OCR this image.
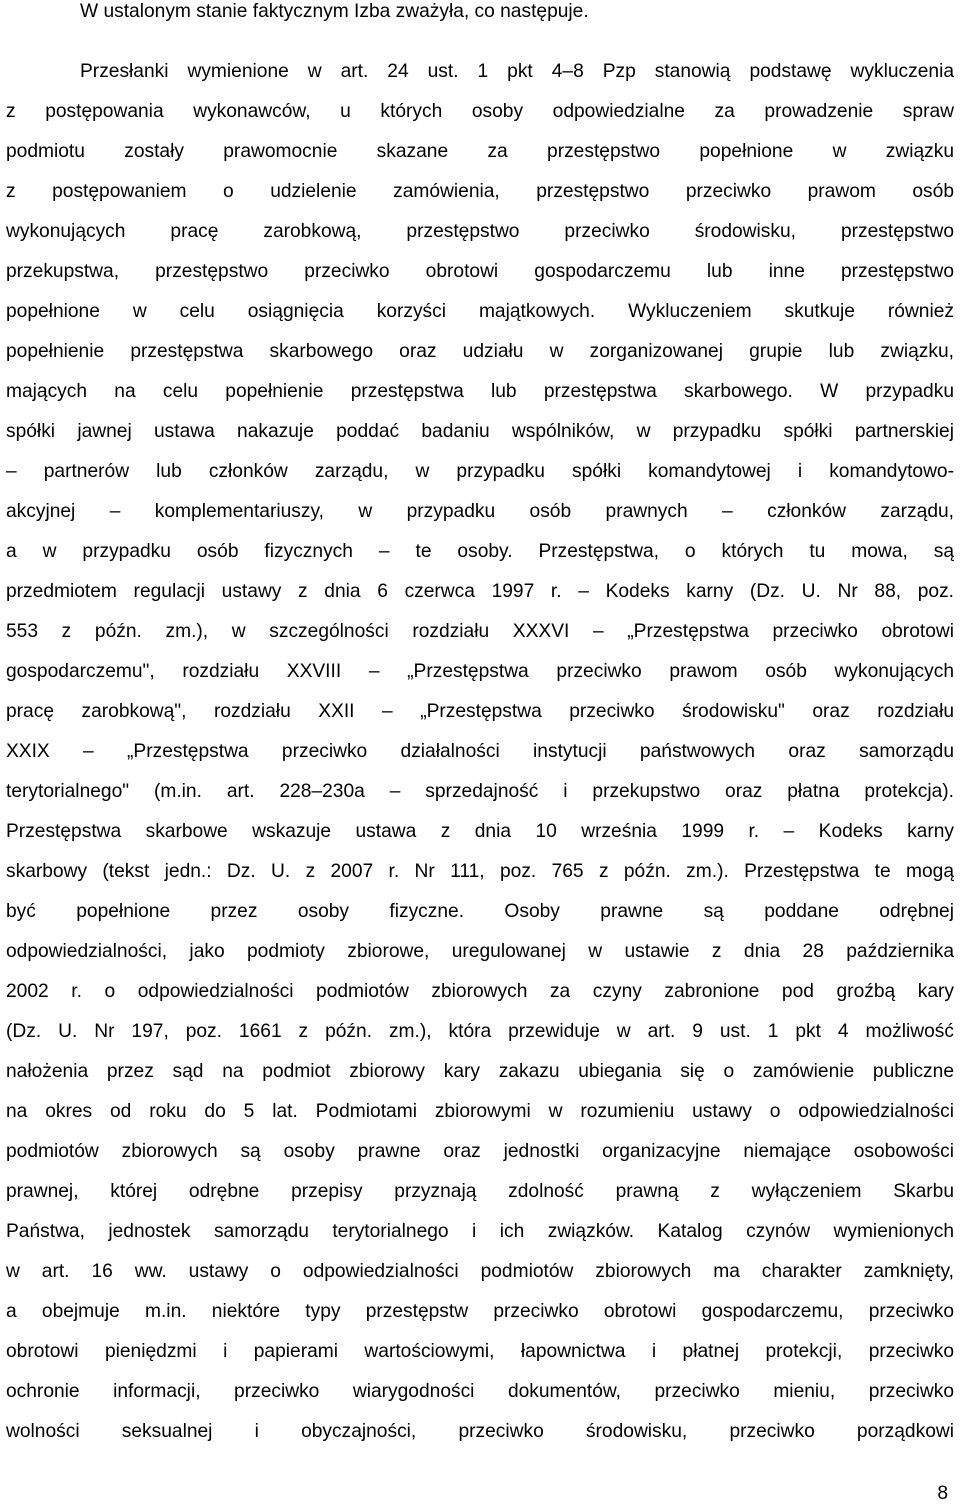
W ustalonym stanie faktycznym Izba zważyła, co następuje.
Przesłanki wymienione w art. 24 ust. 1 pkt 4–8 Pzp stanowią podstawę wykluczenia
z postępowania wykonawców, u których osoby odpowiedzialne za prowadzenie spraw
podmiotu zostały prawomocnie skazane za przestępstwo popełnione w związku
z postępowaniem o udzielenie zamówienia, przestępstwo przeciwko prawom osób
wykonujących pracę zarobkową, przestępstwo przeciwko środowisku, przestępstwo
przekupstwa, przestępstwo przeciwko obrotowi gospodarczemu lub inne przestępstwo
popełnione w celu osiągnięcia korzyści majątkowych. Wykluczeniem skutkuje również
popełnienie przestępstwa skarbowego oraz udziału w zorganizowanej grupie lub związku,
mających na celu popełnienie przestępstwa lub przestępstwa skarbowego. W przypadku
spółki jawnej ustawa nakazuje poddać badaniu wspólników, w przypadku spółki partnerskiej
– partnerów lub członków zarządu, w przypadku spółki komandytowej i komandytowo-
akcyjnej – komplementariuszy, w przypadku osób prawnych – członków zarządu,
a w przypadku osób fizycznych – te osoby. Przestępstwa, o których tu mowa, są
przedmiotem regulacji ustawy z dnia 6 czerwca 1997 r. – Kodeks karny (Dz. U. Nr 88, poz.
553 z późn. zm.), w szczególności rozdziału XXXVI – „Przestępstwa przeciwko obrotowi
gospodarczemu", rozdziału XXVIII – „Przestępstwa przeciwko prawom osób wykonujących
pracę zarobkową", rozdziału XXII – „Przestępstwa przeciwko środowisku" oraz rozdziału
XXIX – „Przestępstwa przeciwko działalności instytucji państwowych oraz samorządu
terytorialnego" (m.in. art. 228–230a – sprzedajność i przekupstwo oraz płatna protekcja).
Przestępstwa skarbowe wskazuje ustawa z dnia 10 września 1999 r. – Kodeks karny
skarbowy (tekst jedn.: Dz. U. z 2007 r. Nr 111, poz. 765 z późn. zm.). Przestępstwa te mogą
być popełnione przez osoby fizyczne. Osoby prawne są poddane odrębnej
odpowiedzialności, jako podmioty zbiorowe, uregulowanej w ustawie z dnia 28 października
2002 r. o odpowiedzialności podmiotów zbiorowych za czyny zabronione pod groźbą kary
(Dz. U. Nr 197, poz. 1661 z późn. zm.), która przewiduje w art. 9 ust. 1 pkt 4 możliwość
nałożenia przez sąd na podmiot zbiorowy kary zakazu ubiegania się o zamówienie publiczne
na okres od roku do 5 lat. Podmiotami zbiorowymi w rozumieniu ustawy o odpowiedzialności
podmiotów zbiorowych są osoby prawne oraz jednostki organizacyjne niemające osobowości
prawnej, której odrębne przepisy przyznają zdolność prawną z wyłączeniem Skarbu
Państwa, jednostek samorządu terytorialnego i ich związków. Katalog czynów wymienionych
w art. 16 ww. ustawy o odpowiedzialności podmiotów zbiorowych ma charakter zamknięty,
a obejmuje m.in. niektóre typy przestępstw przeciwko obrotowi gospodarczemu, przeciwko
obrotowi pieniędzmi i papierami wartościowymi, łapownictwa i płatnej protekcji, przeciwko
ochronie informacji, przeciwko wiarygodności dokumentów, przeciwko mieniu, przeciwko
wolności seksualnej i obyczajności, przeciwko środowisku, przeciwko porządkowi
8
